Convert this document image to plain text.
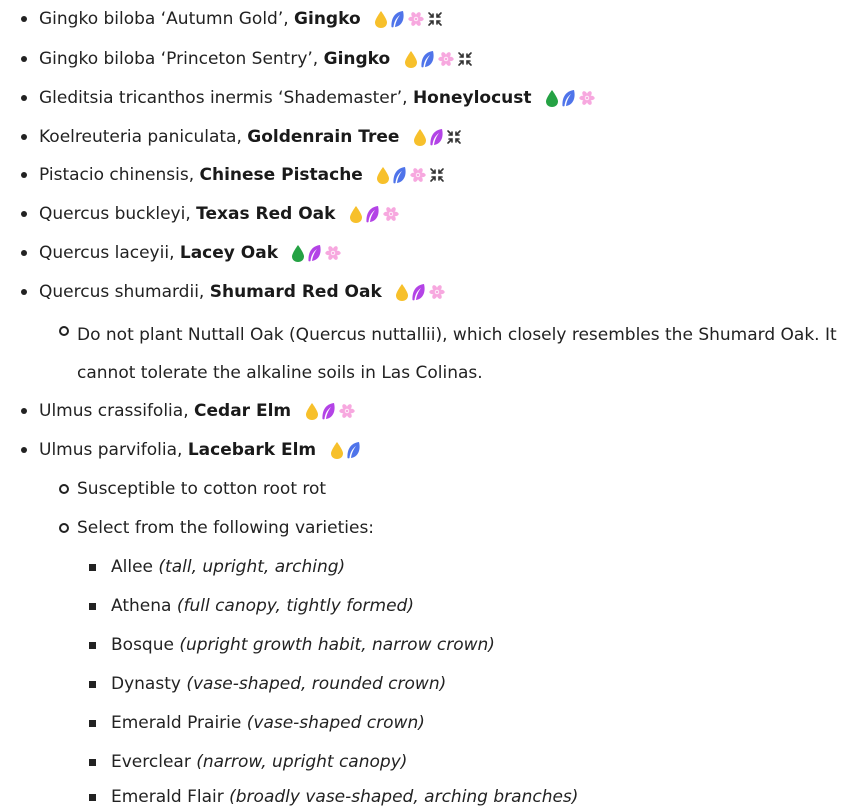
Gingko biloba ‘Autumn Gold’, Gingko
Gingko biloba ‘Princeton Sentry’, Gingko
Gleditsia tricanthos inermis ‘Shademaster’, Honeylocust
Koelreuteria paniculata, Goldenrain Tree
Pistacio chinensis, Chinese Pistache
Quercus buckleyi, Texas Red Oak
Quercus laceyii, Lacey Oak
Quercus shumardii, Shumard Red Oak
Do not plant Nuttall Oak (Quercus nuttallii), which closely resembles the Shumard Oak. It cannot tolerate the alkaline soils in Las Colinas.
Ulmus crassifolia, Cedar Elm
Ulmus parvifolia, Lacebark Elm
Susceptible to cotton root rot
Select from the following varieties:
Allee (tall, upright, arching)
Athena (full canopy, tightly formed)
Bosque (upright growth habit, narrow crown)
Dynasty (vase-shaped, rounded crown)
Emerald Prairie (vase-shaped crown)
Everclear (narrow, upright canopy)
Emerald Flair (broadly vase-shaped, arching branches)
